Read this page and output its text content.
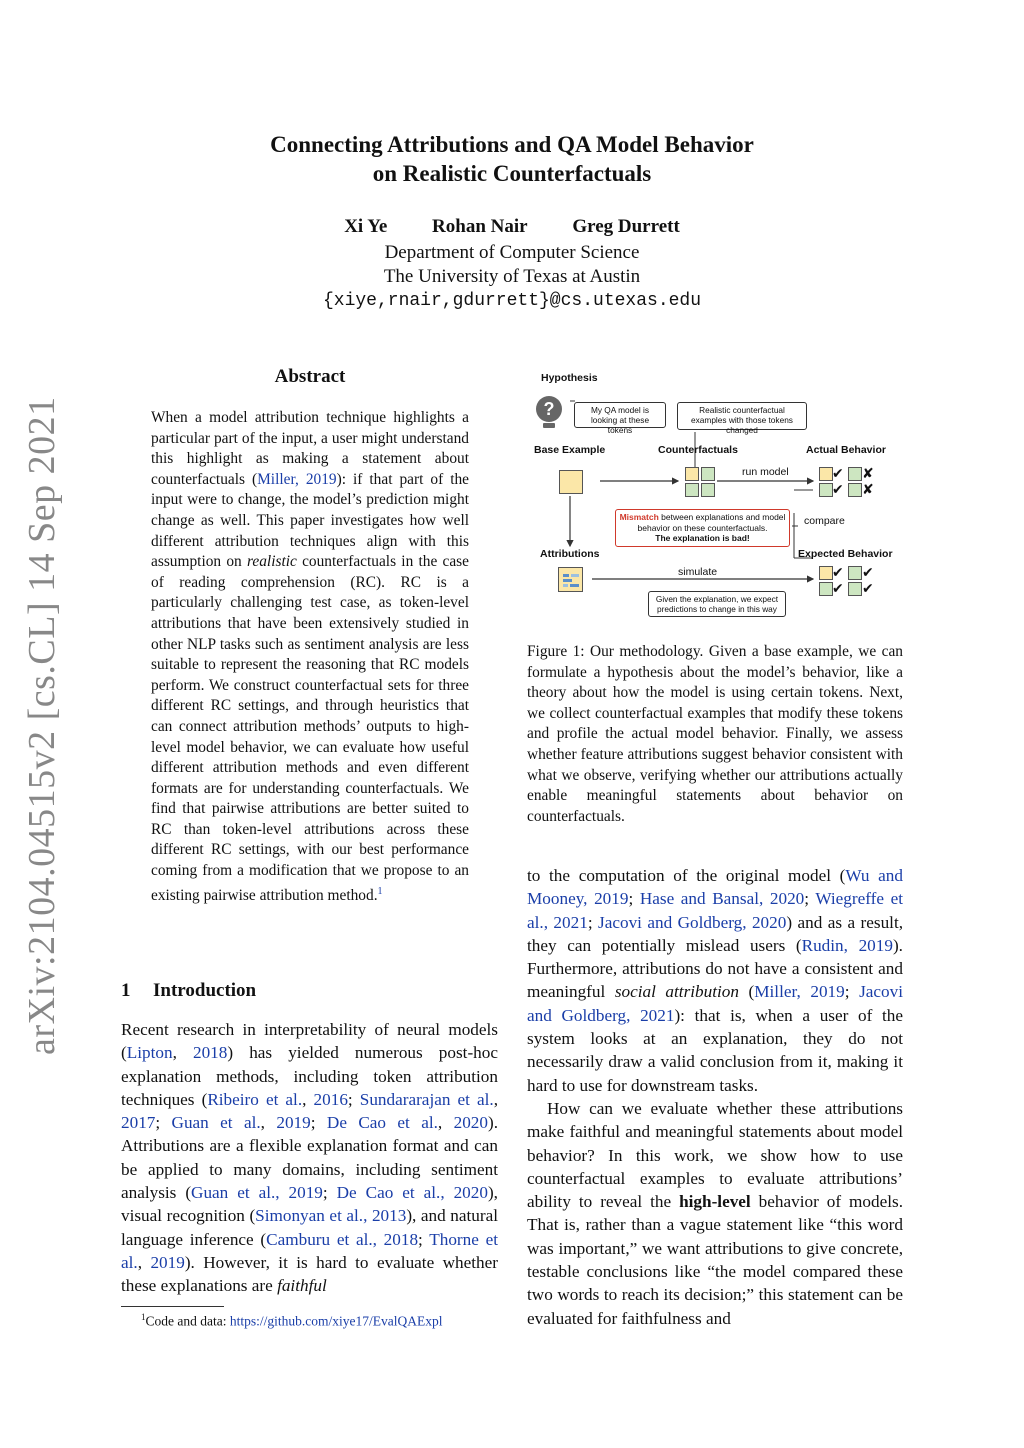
Connecting Attributions and QA Model Behavior
on Realistic Counterfactuals
Xi Ye Rohan Nair Greg Durrett
Department of Computer Science
The University of Texas at Austin
{xiye,rnair,gdurrett}@cs.utexas.edu
arXiv:2104.04515v2 [cs.CL] 14 Sep 2021
Abstract
When a model attribution technique highlights a particular part of the input, a user might understand this highlight as making a statement about counterfactuals (Miller, 2019): if that part of the input were to change, the model’s prediction might change as well. This paper investigates how well different attribution techniques align with this assumption on realistic counterfactuals in the case of reading comprehension (RC). RC is a particularly challenging test case, as token-level attributions that have been extensively studied in other NLP tasks such as sentiment analysis are less suitable to represent the reasoning that RC models perform. We construct counterfactual sets for three different RC settings, and through heuristics that can connect attribution methods’ outputs to high-level model behavior, we can evaluate how useful different attribution methods and even different formats are for understanding counterfactuals. We find that pairwise attributions are better suited to RC than token-level attributions across these different RC settings, with our best performance coming from a modification that we propose to an existing pairwise attribution method.$^1$
1 Introduction
Recent research in interpretability of neural models (Lipton, 2018) has yielded numerous post-hoc explanation methods, including token attribution techniques (Ribeiro et al., 2016; Sundararajan et al., 2017; Guan et al., 2019; De Cao et al., 2020). Attributions are a flexible explanation format and can be applied to many domains, including sentiment analysis (Guan et al., 2019; De Cao et al., 2020), visual recognition (Simonyan et al., 2013), and natural language inference (Camburu et al., 2018; Thorne et al., 2019). However, it is hard to evaluate whether these explanations are faithful
$^1$Code and data: https://github.com/xiye17/EvalQAExpl
Hypothesis
?	My QA model is looking at these tokens
Realistic counterfactual examples with those tokens changed
Base Example	Counterfactuals	Actual Behavior
run model	✔ ✘
✔ ✘
Mismatch between explanations and model behavior on these counterfactuals.
The explanation is bad!
compare
Attributions	Expected Behavior
simulate
Given the explanation, we expect predictions to change in this way
✔ ✔
✔ ✔
Figure 1: Our methodology. Given a base example, we can formulate a hypothesis about the model’s behavior, like a theory about how the model is using certain tokens. Next, we collect counterfactual examples that modify these tokens and profile the actual model behavior. Finally, we assess whether feature attributions suggest behavior consistent with what we observe, verifying whether our attributions actually enable meaningful statements about behavior on counterfactuals.
to the computation of the original model (Wu and Mooney, 2019; Hase and Bansal, 2020; Wiegreffe et al., 2021; Jacovi and Goldberg, 2020) and as a result, they can potentially mislead users (Rudin, 2019). Furthermore, attributions do not have a consistent and meaningful social attribution (Miller, 2019; Jacovi and Goldberg, 2021): that is, when a user of the system looks at an explanation, they do not necessarily draw a valid conclusion from it, making it hard to use for downstream tasks.
How can we evaluate whether these attributions make faithful and meaningful statements about model behavior? In this work, we show how to use counterfactual examples to evaluate attributions’ ability to reveal the high-level behavior of models. That is, rather than a vague statement like “this word was important,” we want attributions to give concrete, testable conclusions like “the model compared these two words to reach its decision;” this statement can be evaluated for faithfulness and
